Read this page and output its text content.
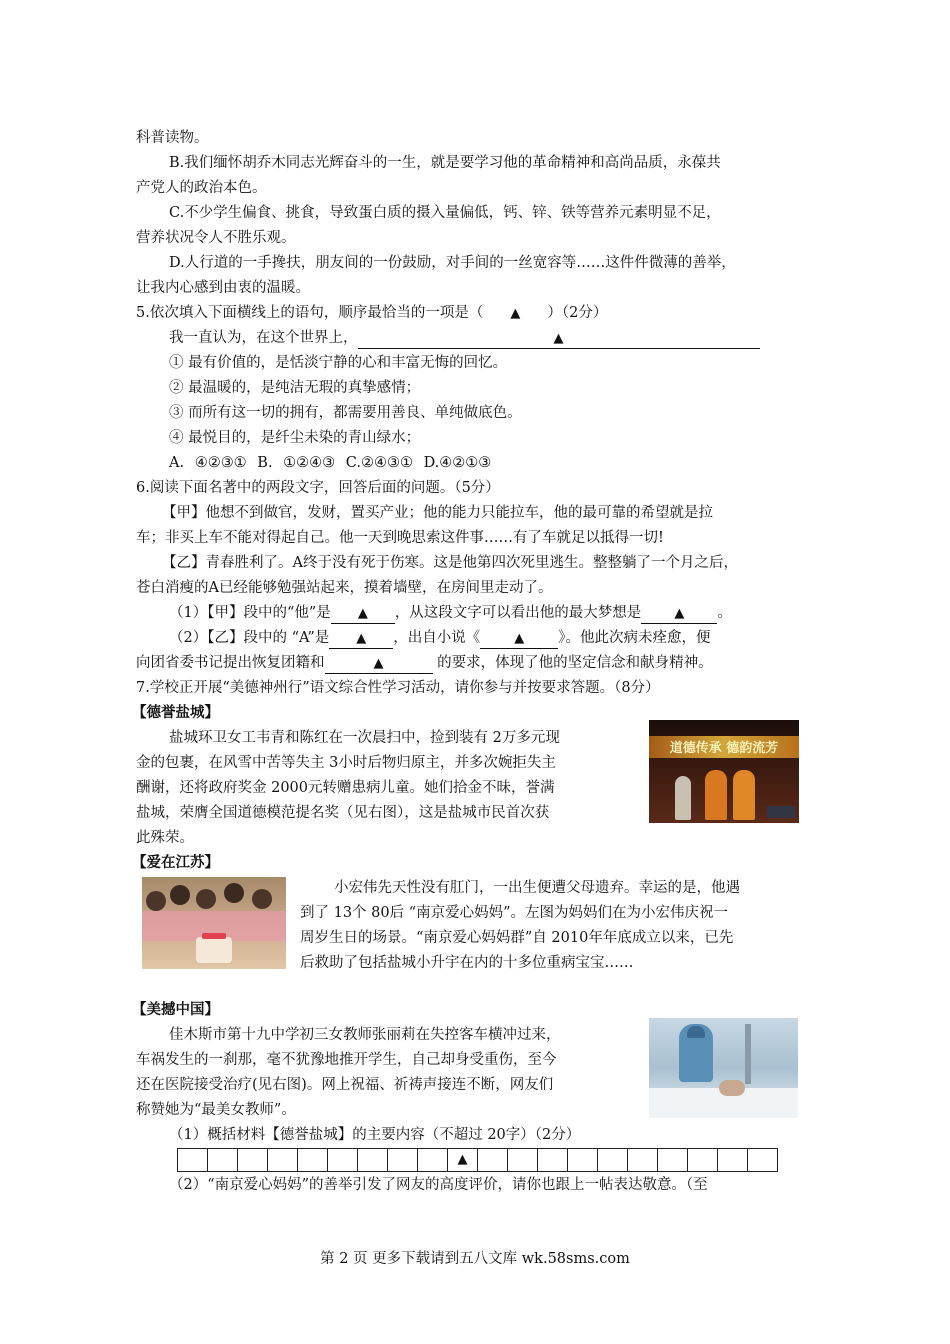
科普读物。
B.我们缅怀胡乔木同志光辉奋斗的一生，就是要学习他的革命精神和高尚品质，永葆共
产党人的政治本色。
C.不少学生偏食、挑食，导致蛋白质的摄入量偏低，钙、锌、铁等营养元素明显不足，
营养状况令人不胜乐观。
D.人行道的一手搀扶，朋友间的一份鼓励，对手间的一丝宽容等……这件件微薄的善举，
让我内心感到由衷的温暖。
5.依次填入下面横线上的语句，顺序最恰当的一项是（ ▲ ）（2分）
我一直认为，在这个世界上，	▲
① 最有价值的，是恬淡宁静的心和丰富无悔的回忆。
② 最温暖的，是纯洁无瑕的真挚感情；
③ 而所有这一切的拥有，都需要用善良、单纯做底色。
④ 最悦目的，是纤尘未染的青山绿水；
A. ④②③① B. ①②④③ C.②④③① D.④②①③
6.阅读下面名著中的两段文字，回答后面的问题。（5分）
【甲】他想不到做官，发财，置买产业；他的能力只能拉车，他的最可靠的希望就是拉
车；非买上车不能对得起自己。他一天到晚思索这件事……有了车就足以抵得一切!
【乙】青春胜利了。A终于没有死于伤寒。这是他第四次死里逃生。整整躺了一个月之后，
苍白消瘦的A已经能够勉强站起来，摸着墙壁，在房间里走动了。
（1）【甲】段中的“他”是 ▲ ，从这段文字可以看出他的最大梦想是	▲ 。
（2）【乙】段中的 “A”是 ▲ ，出自小说《	▲ 》。他此次病未痊愈，便
向团省委书记提出恢复团籍和	▲	的要求，体现了他的坚定信念和献身精神。
7.学校正开展“美德神州行”语文综合性学习活动，请你参与并按要求答题。（8分）
【德誉盐城】
盐城环卫女工韦青和陈红在一次晨扫中，捡到装有 2万多元现
金的包裹，在风雪中苦等失主 3小时后物归原主，并多次婉拒失主
酬谢，还将政府奖金 2000元转赠患病儿童。她们拾金不昧，誉满
盐城，荣膺全国道德模范提名奖（见右图），这是盐城市民首次获
此殊荣。
道德传承 德韵流芳
【爱在江苏】
小宏伟先天性没有肛门，一出生便遭父母遗弃。幸运的是，他遇
到了 13个 80后 “南京爱心妈妈”。左图为妈妈们在为小宏伟庆祝一
周岁生日的场景。“南京爱心妈妈群”自 2010年年底成立以来，已先
后救助了包括盐城小升宇在内的十多位重病宝宝……
【美撼中国】
佳木斯市第十九中学初三女教师张丽莉在失控客车横冲过来，
车祸发生的一刹那，毫不犹豫地推开学生，自己却身受重伤，至今
还在医院接受治疗(见右图)。网上祝福、祈祷声接连不断，网友们
称赞她为“最美女教师”。
（1）概括材料【德誉盐城】的主要内容（不超过 20字）（2分）
▲
（2）“南京爱心妈妈”的善举引发了网友的高度评价，请你也跟上一帖表达敬意。（至
第 2 页 更多下载请到五八文库 wk.58sms.com
